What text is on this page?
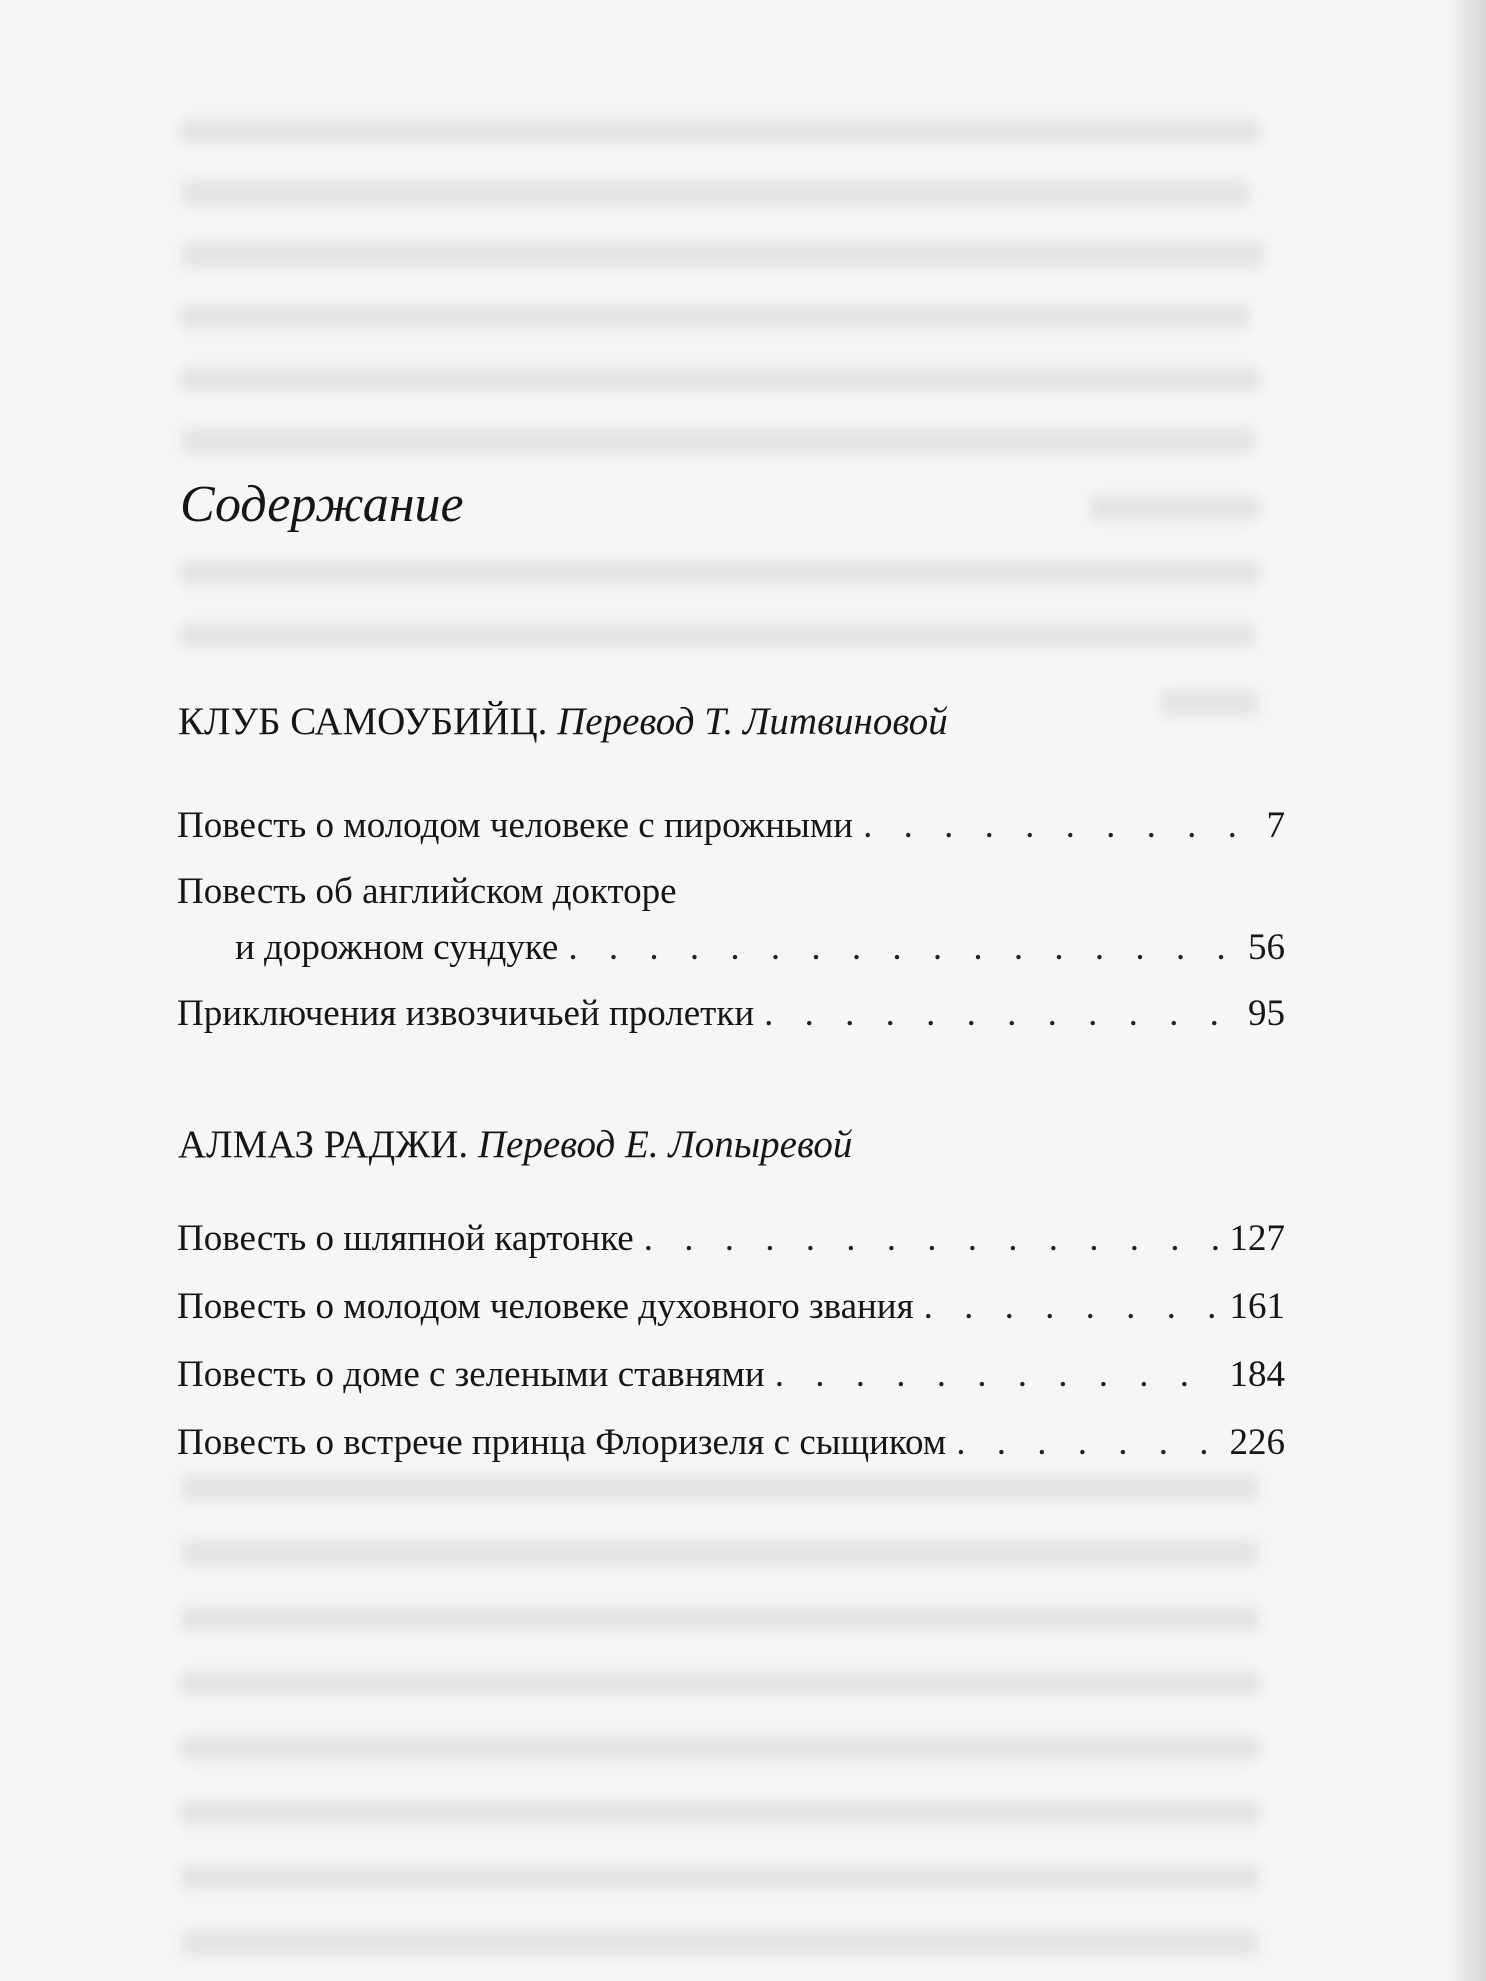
Содержание
КЛУБ САМОУБИЙЦ. Перевод Т. Литвиновой
Повесть о молодом человеке с пирожными . . .	7
Повесть об английском докторе
и дорожном сундуке . . .	56
Приключения извозчичьей пролетки . . .	95
АЛМАЗ РАДЖИ. Перевод Е. Лопыревой
Повесть о шляпной картонке . . .	127
Повесть о молодом человеке духовного звания . . .	161
Повесть о доме с зелеными ставнями . . .	184
Повесть о встрече принца Флоризеля с сыщиком . . .	226
